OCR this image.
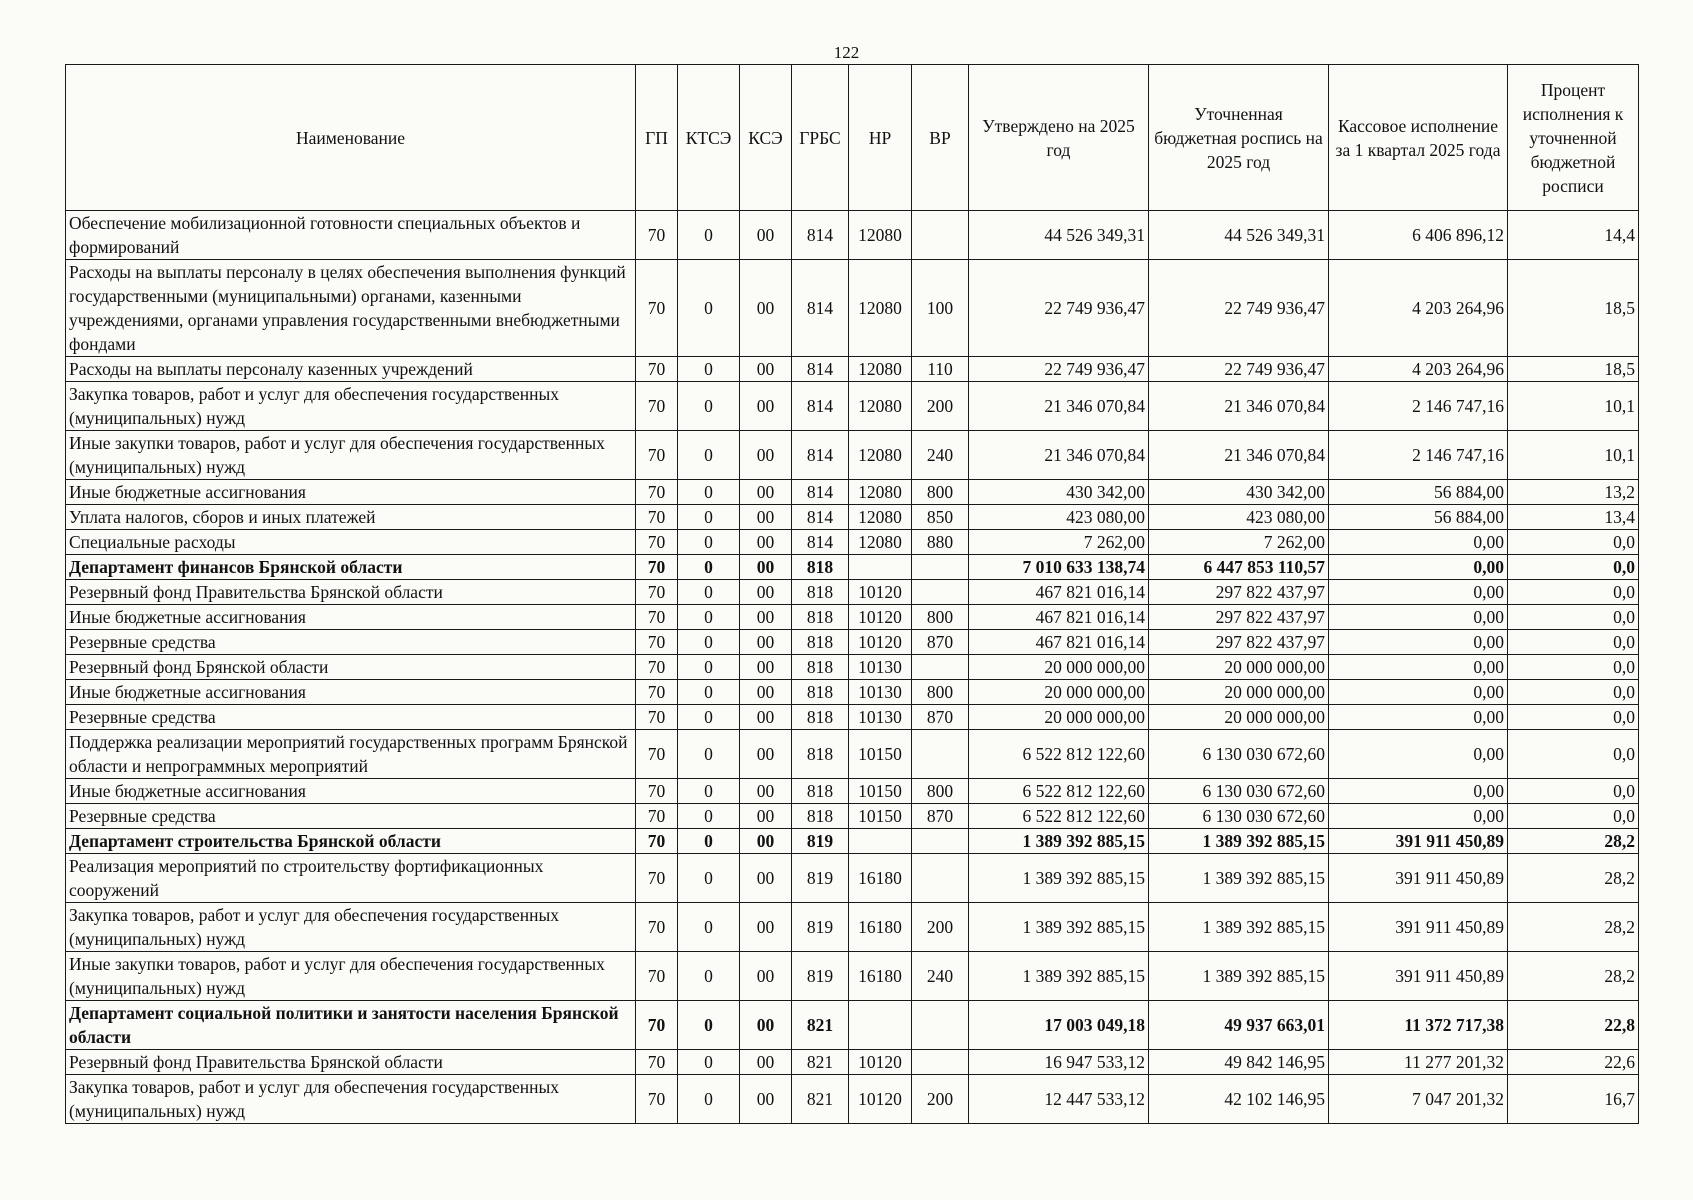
122
Наименование	ГП	КТСЭ	КСЭ	ГРБС	НР	ВР	Утверждено на 2025 год	Уточненная бюджетная роспись на 2025 год	Кассовое исполнение за 1 квартал 2025 года	Процент исполнения к уточненной бюджетной росписи
Обеспечение мобилизационной готовности специальных объектов и формирований	70	0	00	814	12080		44 526 349,31	44 526 349,31	6 406 896,12	14,4
Расходы на выплаты персоналу в целях обеспечения выполнения функций государственными (муниципальными) органами, казенными учреждениями, органами управления государственными внебюджетными фондами	70	0	00	814	12080	100	22 749 936,47	22 749 936,47	4 203 264,96	18,5
Расходы на выплаты персоналу казенных учреждений	70	0	00	814	12080	110	22 749 936,47	22 749 936,47	4 203 264,96	18,5
Закупка товаров, работ и услуг для обеспечения государственных (муниципальных) нужд	70	0	00	814	12080	200	21 346 070,84	21 346 070,84	2 146 747,16	10,1
Иные закупки товаров, работ и услуг для обеспечения государственных (муниципальных) нужд	70	0	00	814	12080	240	21 346 070,84	21 346 070,84	2 146 747,16	10,1
Иные бюджетные ассигнования	70	0	00	814	12080	800	430 342,00	430 342,00	56 884,00	13,2
Уплата налогов, сборов и иных платежей	70	0	00	814	12080	850	423 080,00	423 080,00	56 884,00	13,4
Специальные расходы	70	0	00	814	12080	880	7 262,00	7 262,00	0,00	0,0
Департамент финансов Брянской области	70	0	00	818			7 010 633 138,74	6 447 853 110,57	0,00	0,0
Резервный фонд Правительства Брянской области	70	0	00	818	10120		467 821 016,14	297 822 437,97	0,00	0,0
Иные бюджетные ассигнования	70	0	00	818	10120	800	467 821 016,14	297 822 437,97	0,00	0,0
Резервные средства	70	0	00	818	10120	870	467 821 016,14	297 822 437,97	0,00	0,0
Резервный фонд Брянской области	70	0	00	818	10130		20 000 000,00	20 000 000,00	0,00	0,0
Иные бюджетные ассигнования	70	0	00	818	10130	800	20 000 000,00	20 000 000,00	0,00	0,0
Резервные средства	70	0	00	818	10130	870	20 000 000,00	20 000 000,00	0,00	0,0
Поддержка реализации мероприятий государственных программ Брянской области и непрограммных мероприятий	70	0	00	818	10150		6 522 812 122,60	6 130 030 672,60	0,00	0,0
Иные бюджетные ассигнования	70	0	00	818	10150	800	6 522 812 122,60	6 130 030 672,60	0,00	0,0
Резервные средства	70	0	00	818	10150	870	6 522 812 122,60	6 130 030 672,60	0,00	0,0
Департамент строительства Брянской области	70	0	00	819			1 389 392 885,15	1 389 392 885,15	391 911 450,89	28,2
Реализация мероприятий по строительству фортификационных сооружений	70	0	00	819	16180		1 389 392 885,15	1 389 392 885,15	391 911 450,89	28,2
Закупка товаров, работ и услуг для обеспечения государственных (муниципальных) нужд	70	0	00	819	16180	200	1 389 392 885,15	1 389 392 885,15	391 911 450,89	28,2
Иные закупки товаров, работ и услуг для обеспечения государственных (муниципальных) нужд	70	0	00	819	16180	240	1 389 392 885,15	1 389 392 885,15	391 911 450,89	28,2
Департамент социальной политики и занятости населения Брянской области	70	0	00	821			17 003 049,18	49 937 663,01	11 372 717,38	22,8
Резервный фонд Правительства Брянской области	70	0	00	821	10120		16 947 533,12	49 842 146,95	11 277 201,32	22,6
Закупка товаров, работ и услуг для обеспечения государственных (муниципальных) нужд	70	0	00	821	10120	200	12 447 533,12	42 102 146,95	7 047 201,32	16,7
